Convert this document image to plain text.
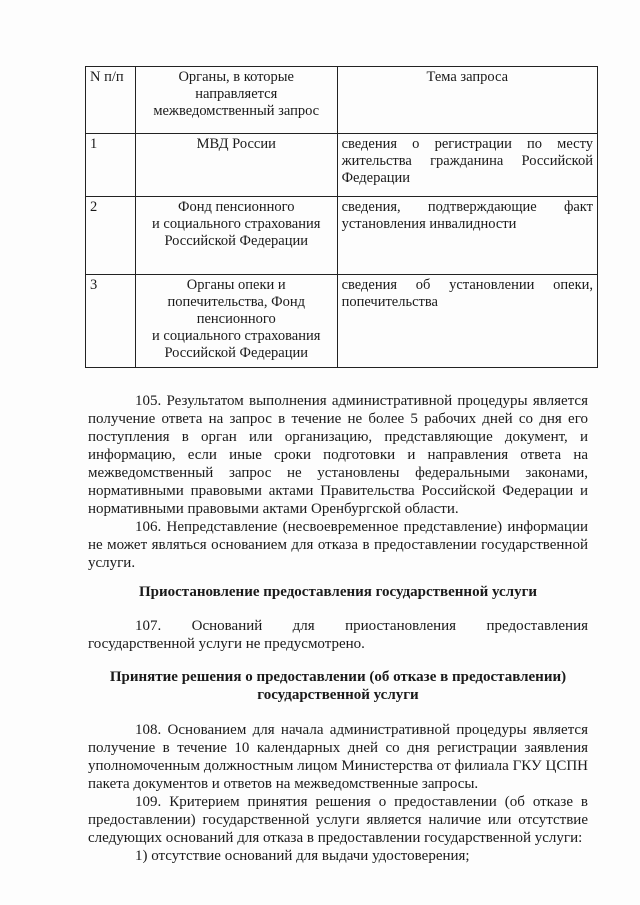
N п/п	Органы, в которые направляется межведомственный запрос	Тема запроса
1	МВД России	сведения о регистрации по месту жительства гражданина Российской Федерации
2	Фонд пенсионного
и социального страхования
Российской Федерации	сведения, подтверждающие факт установления инвалидности
3	Органы опеки и
попечительства, Фонд
пенсионного
и социального страхования
Российской Федерации	сведения об установлении опеки, попечительства

105. Результатом выполнения административной процедуры является получение ответа на запрос в течение не более 5 рабочих дней со дня его поступления в орган или организацию, представляющие документ, и информацию, если иные сроки подготовки и направления ответа на межведомственный запрос не установлены федеральными законами, нормативными правовыми актами Правительства Российской Федерации и нормативными правовыми актами Оренбургской области.

106. Непредставление (несвоевременное представление) информации не может являться основанием для отказа в предоставлении государственной услуги.

Приостановление предоставления государственной услуги

107. Оснований для приостановления предоставления государственной услуги не предусмотрено.

Принятие решения о предоставлении (об отказе в предоставлении)
государственной услуги

108. Основанием для начала административной процедуры является получение в течение 10 календарных дней со дня регистрации заявления уполномоченным должностным лицом Министерства от филиала ГКУ ЦСПН пакета документов и ответов на межведомственные запросы.

109. Критерием принятия решения о предоставлении (об отказе в предоставлении) государственной услуги является наличие или отсутствие следующих оснований для отказа в предоставлении государственной услуги:

1) отсутствие оснований для выдачи удостоверения;
